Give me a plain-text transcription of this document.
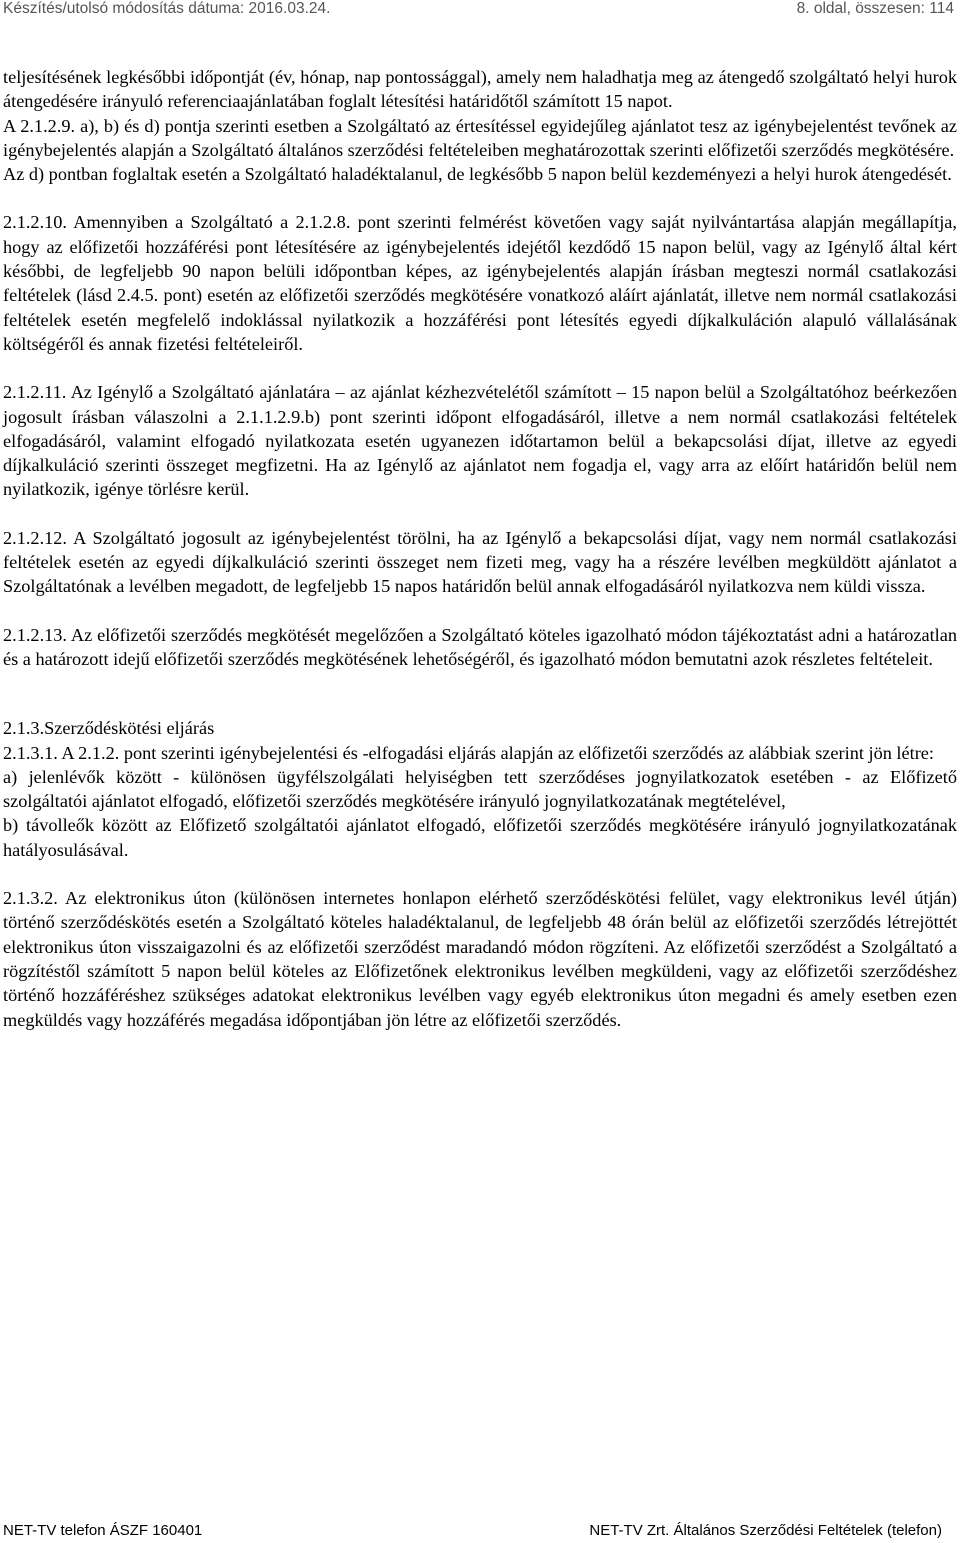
Készítés/utolsó módosítás dátuma: 2016.03.24.	8. oldal, összesen: 114

teljesítésének legkésőbbi időpontját (év, hónap, nap pontossággal), amely nem haladhatja meg az átengedő szolgáltató helyi hurok átengedésére irányuló referenciaajánlatában foglalt létesítési határidőtől számított 15 napot.

A 2.1.2.9. a), b) és d) pontja szerinti esetben a Szolgáltató az értesítéssel egyidejűleg ajánlatot tesz az igénybejelentést tevőnek az igénybejelentés alapján a Szolgáltató általános szerződési feltételeiben meghatározottak szerinti előfizetői szerződés megkötésére.

Az d) pontban foglaltak esetén a Szolgáltató haladéktalanul, de legkésőbb 5 napon belül kezdeményezi a helyi hurok átengedését.

2.1.2.10. Amennyiben a Szolgáltató a 2.1.2.8. pont szerinti felmérést követően vagy saját nyilvántartása alapján megállapítja, hogy az előfizetői hozzáférési pont létesítésére az igénybejelentés idejétől kezdődő 15 napon belül, vagy az Igénylő által kért későbbi, de legfeljebb 90 napon belüli időpontban képes, az igénybejelentés alapján írásban megteszi normál csatlakozási feltételek (lásd 2.4.5. pont) esetén az előfizetői szerződés megkötésére vonatkozó aláírt ajánlatát, illetve nem normál csatlakozási feltételek esetén megfelelő indoklással nyilatkozik a hozzáférési pont létesítés egyedi díjkalkuláción alapuló vállalásának költségéről és annak fizetési feltételeiről.

2.1.2.11. Az Igénylő a Szolgáltató ajánlatára – az ajánlat kézhezvételétől számított – 15 napon belül a Szolgáltatóhoz beérkezően jogosult írásban válaszolni a 2.1.1.2.9.b) pont szerinti időpont elfogadásáról, illetve a nem normál csatlakozási feltételek elfogadásáról, valamint elfogadó nyilatkozata esetén ugyanezen időtartamon belül a bekapcsolási díjat, illetve az egyedi díjkalkuláció szerinti összeget megfizetni. Ha az Igénylő az ajánlatot nem fogadja el, vagy arra az előírt határidőn belül nem nyilatkozik, igénye törlésre kerül.

2.1.2.12. A Szolgáltató jogosult az igénybejelentést törölni, ha az Igénylő a bekapcsolási díjat, vagy nem normál csatlakozási feltételek esetén az egyedi díjkalkuláció szerinti összeget nem fizeti meg, vagy ha a részére levélben megküldött ajánlatot a Szolgáltatónak a levélben megadott, de legfeljebb 15 napos határidőn belül annak elfogadásáról nyilatkozva nem küldi vissza.

2.1.2.13. Az előfizetői szerződés megkötését megelőzően a Szolgáltató köteles igazolható módon tájékoztatást adni a határozatlan és a határozott idejű előfizetői szerződés megkötésének lehetőségéről, és igazolható módon bemutatni azok részletes feltételeit.

2.1.3.Szerződéskötési eljárás

2.1.3.1. A 2.1.2. pont szerinti igénybejelentési és -elfogadási eljárás alapján az előfizetői szerződés az alábbiak szerint jön létre:

a) jelenlévők között - különösen ügyfélszolgálati helyiségben tett szerződéses jognyilatkozatok esetében - az Előfizető szolgáltatói ajánlatot elfogadó, előfizetői szerződés megkötésére irányuló jognyilatkozatának megtételével,

b) távolleők között az Előfizető szolgáltatói ajánlatot elfogadó, előfizetői szerződés megkötésére irányuló jognyilatkozatának hatályosulásával.

2.1.3.2. Az elektronikus úton (különösen internetes honlapon elérhető szerződéskötési felület, vagy elektronikus levél útján) történő szerződéskötés esetén a Szolgáltató köteles haladéktalanul, de legfeljebb 48 órán belül az előfizetői szerződés létrejöttét elektronikus úton visszaigazolni és az előfizetői szerződést maradandó módon rögzíteni. Az előfizetői szerződést a Szolgáltató a rögzítéstől számított 5 napon belül köteles az Előfizetőnek elektronikus levélben megküldeni, vagy az előfizetői szerződéshez történő hozzáféréshez szükséges adatokat elektronikus levélben vagy egyéb elektronikus úton megadni és amely esetben ezen megküldés vagy hozzáférés megadása időpontjában jön létre az előfizetői szerződés.

NET-TV telefon ÁSZF 160401	NET-TV Zrt. Általános Szerződési Feltételek (telefon)
